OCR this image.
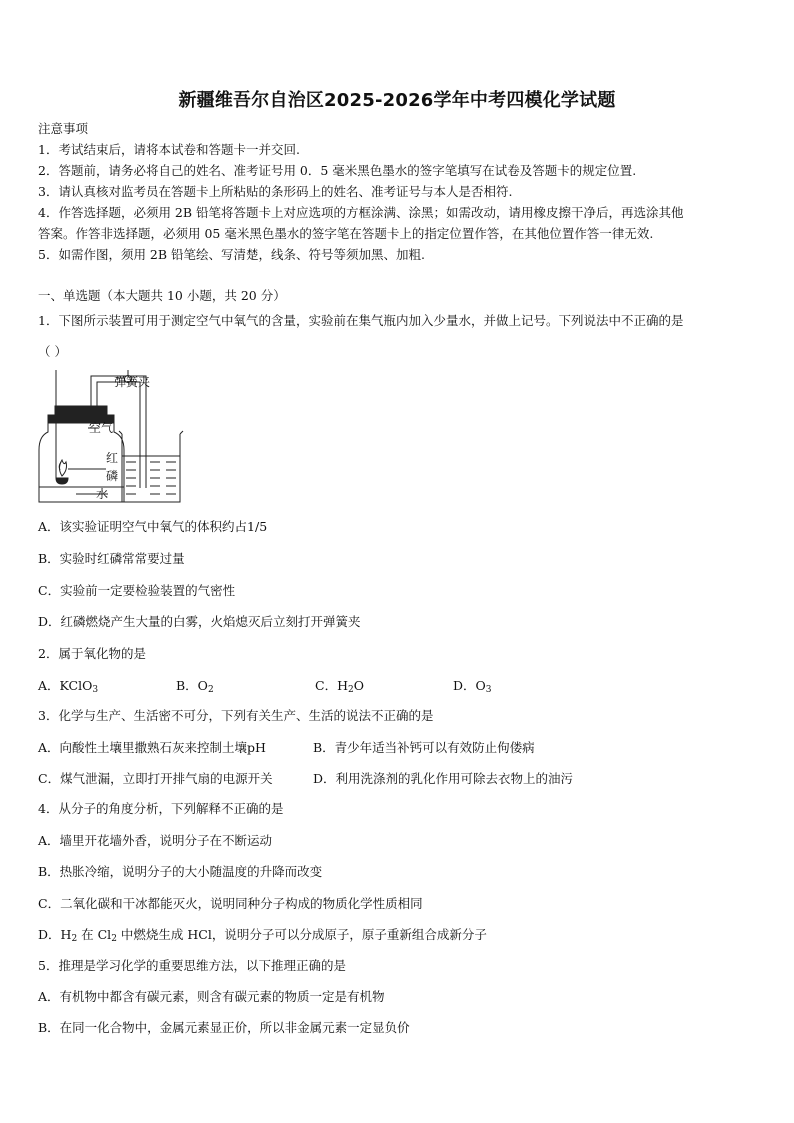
新疆维吾尔自治区2025-2026学年中考四模化学试题
注意事项
1．考试结束后，请将本试卷和答题卡一并交回.
2．答题前，请务必将自己的姓名、准考证号用 0．5 毫米黑色墨水的签字笔填写在试卷及答题卡的规定位置.
3．请认真核对监考员在答题卡上所粘贴的条形码上的姓名、准考证号与本人是否相符.
4．作答选择题，必须用 2B 铅笔将答题卡上对应选项的方框涂满、涂黑；如需改动，请用橡皮擦干净后，再选涂其他
答案。作答非选择题，必须用 05 毫米黑色墨水的签字笔在答题卡上的指定位置作答，在其他位置作答一律无效.
5．如需作图，须用 2B 铅笔绘、写清楚，线条、符号等须加黑、加粗.
一、单选题（本大题共 10 小题，共 20 分）
1．下图所示装置可用于测定空气中氧气的含量，实验前在集气瓶内加入少量水，并做上记号。下列说法中不正确的是
（ ）
弹簧夹
空气
红
磷
水
A．该实验证明空气中氧气的体积约占1/5
B．实验时红磷常常要过量
C．实验前一定要检验装置的气密性
D．红磷燃烧产生大量的白雾，火焰熄灭后立刻打开弹簧夹
2．属于氧化物的是
A．KClO$_3$	B．$O_2$	C．$H_2O$	D．$O_3$
3．化学与生产、生活密不可分，下列有关生产、生活的说法不正确的是
A．向酸性土壤里撒熟石灰来控制土壤pH	B．青少年适当补钙可以有效防止佝偻病
C．煤气泄漏，立即打开排气扇的电源开关	D．利用洗涤剂的乳化作用可除去衣物上的油污
4．从分子的角度分析，下列解释不正确的是
A．墙里开花墙外香，说明分子在不断运动
B．热胀冷缩，说明分子的大小随温度的升降而改变
C．二氧化碳和干冰都能灭火，说明同种分子构成的物质化学性质相同
D．$H_2$ 在 $Cl_2$ 中燃烧生成 HCl，说明分子可以分成原子，原子重新组合成新分子
5．推理是学习化学的重要思维方法，以下推理正确的是
A．有机物中都含有碳元素，则含有碳元素的物质一定是有机物
B．在同一化合物中，金属元素显正价，所以非金属元素一定显负价
